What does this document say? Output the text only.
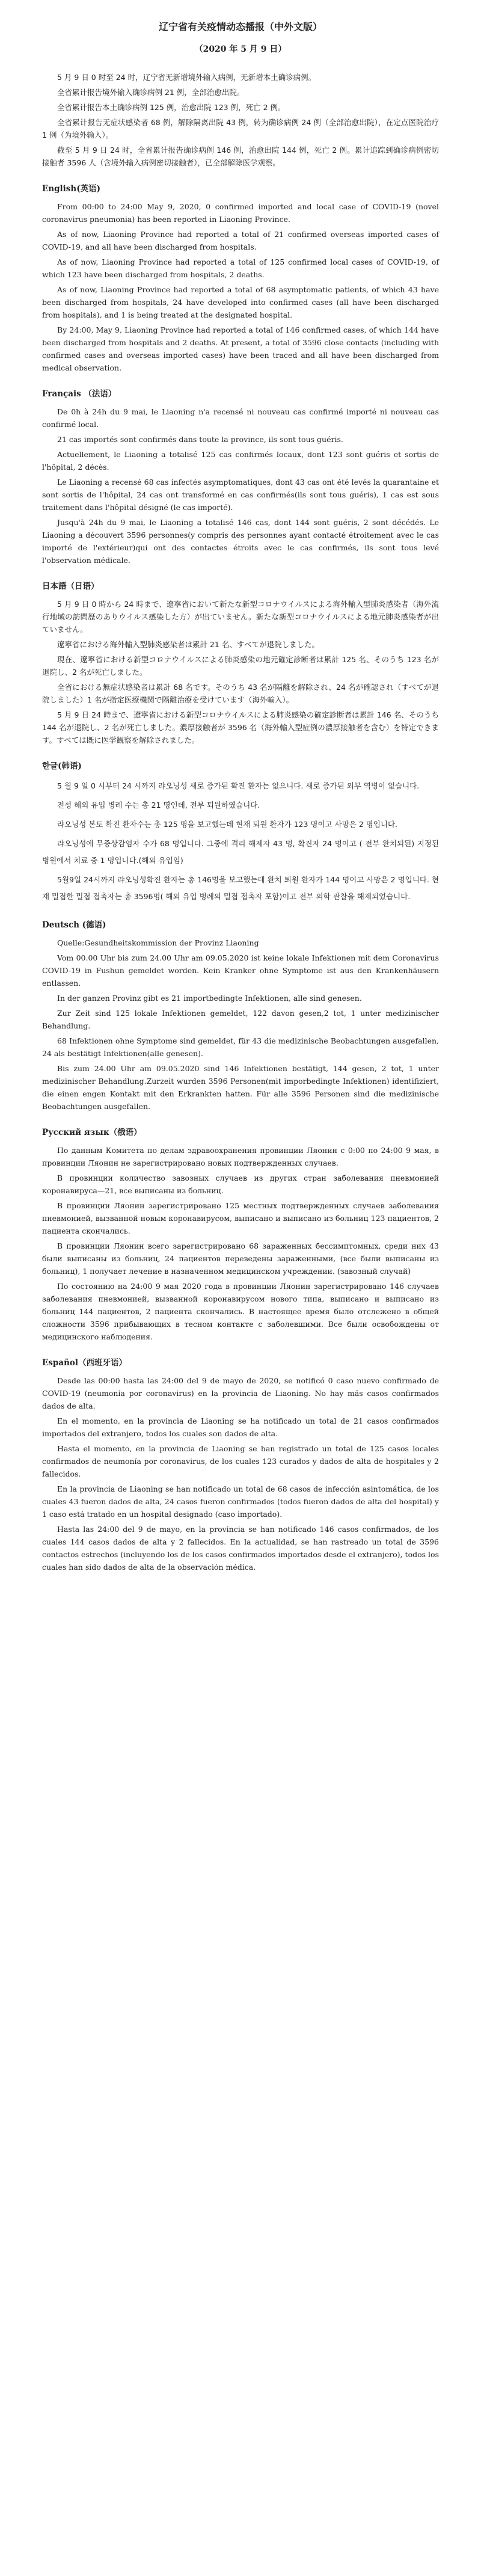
辽宁省有关疫情动态播报（中外文版）
（2020 年 5 月 9 日）

5 月 9 日 0 时至 24 时，辽宁省无新增境外输入病例，无新增本土确诊病例。

全省累计报告境外输入确诊病例 21 例，全部治愈出院。

全省累计报告本土确诊病例 125 例，治愈出院 123 例，死亡 2 例。

全省累计报告无症状感染者 68 例，解除隔离出院 43 例，转为确诊病例 24 例（全部治愈出院），在定点医院治疗 1 例（为境外输入）。

截至 5 月 9 日 24 时，全省累计报告确诊病例 146 例，治愈出院 144 例，死亡 2 例。累计追踪到确诊病例密切接触者 3596 人（含境外输入病例密切接触者），已全部解除医学观察。

English(英语)

From 00:00 to 24:00 May 9, 2020, 0 confirmed imported and local case of COVID-19 (novel coronavirus pneumonia) has been reported in Liaoning Province.

As of now, Liaoning Province had reported a total of 21 confirmed overseas imported cases of COVID-19, and all have been discharged from hospitals.

As of now, Liaoning Province had reported a total of 125 confirmed local cases of COVID-19, of which 123 have been discharged from hospitals, 2 deaths.

As of now, Liaoning Province had reported a total of 68 asymptomatic patients, of which 43 have been discharged from hospitals, 24 have developed into confirmed cases (all have been discharged from hospitals), and 1 is being treated at the designated hospital.

By 24:00, May 9, Liaoning Province had reported a total of 146 confirmed cases, of which 144 have been discharged from hospitals and 2 deaths. At present, a total of 3596 close contacts (including with confirmed cases and overseas imported cases) have been traced and all have been discharged from medical observation.

Français （法语）

De 0h à 24h du 9 mai, le Liaoning n'a recensé ni nouveau cas confirmé importé ni nouveau cas confirmé local.

21 cas importés sont confirmés dans toute la province, ils sont tous guéris.

Actuellement, le Liaoning a totalisé 125 cas confirmés locaux, dont 123 sont guéris et sortis de l'hôpital, 2 décès.

Le Liaoning a recensé 68 cas infectés asymptomatiques, dont 43 cas ont été levés la quarantaine et sont sortis de l'hôpital, 24 cas ont transformé en cas confirmés(ils sont tous guéris), 1 cas est sous traitement dans l'hôpital désigné (le cas importé).

Jusqu'à 24h du 9 mai, le Liaoning a totalisé 146 cas, dont 144 sont guéris, 2 sont décédés. Le Liaoning a découvert 3596 personnes(y compris des personnes ayant contacté étroitement avec le cas importé de l'extérieur)qui ont des contactes étroits avec le cas confirmés, ils sont tous levé l'observation médicale.

日本語（日语）

5 月 9 日 0 時から 24 時まで、遼寧省において新たな新型コロナウイルスによる海外輸入型肺炎感染者（海外流行地域の訪問歴のありウイルス感染した方）が出ていません。新たな新型コロナウイルスによる地元肺炎感染者が出ていません。

遼寧省における海外輸入型肺炎感染者は累計 21 名、すべてが退院しました。

現在、遼寧省における新型コロナウイルスによる肺炎感染の地元確定診断者は累計 125 名、そのうち 123 名が退院し、2 名が死亡しました。

全省における無症状感染者は累計 68 名です。そのうち 43 名が隔離を解除され、24 名が確認され（すべてが退院しました）1 名が指定医療機関で隔離治療を受けています（海外輸入）。

5 月 9 日 24 時まで、遼寧省における新型コロナウイルスによる肺炎感染の確定診断者は累計 146 名、そのうち 144 名が退院し、2 名が死亡しました。濃厚接触者が 3596 名（海外輸入型症例の濃厚接触者を含む）を特定できます。すべては既に医学観察を解除されました。

한글(韩语)

5 월 9 일 0 시부터 24 시까지 랴오닝성 새로 증가된 확진 환자는 없으니다. 새로 증가된 외부 역병이 없습니다.

전성 해외 유입 병례 수는 총 21 명인데, 전부 퇴원하였습니다.

랴오닝성 본토 확진 환자수는 총 125 명을 보고했는데 현재 퇴원 환자가 123 명이고 사망은 2 명입니다.

랴오닝성에 무증상감염자 수가 68 명입니다. 그중에 격리 해제자 43 명, 확진자 24 명이고 ( 전부 완치되된) 지정된 병원에서 치료 중 1 명입니다.(해외 유입임)

5월9일 24시까지 랴오닝성확진 환자는 총 146명을 보고했는데 완치 퇴원 환자가 144 명이고 사망은 2 명입니다. 현재 밀접한 밀접 접촉자는 총 3596명( 해외 유입 병례의 밀접 접촉자 포함)이고 전부 의학 관찰을 해제되었습니다.

Deutsch (德语)

Quelle:Gesundheitskommission der Provinz Liaoning

Vom 00.00 Uhr bis zum 24.00 Uhr am 09.05.2020 ist keine lokale Infektionen mit dem Coronavirus COVID-19 in Fushun gemeldet worden. Kein Kranker ohne Symptome ist aus den Krankenhäusern entlassen.

In der ganzen Provinz gibt es 21 importbedingte Infektionen, alle sind genesen.

Zur Zeit sind 125 lokale Infektionen gemeldet, 122 davon gesen,2 tot, 1 unter medizinischer Behandlung.

68 Infektionen ohne Symptome sind gemeldet, für 43 die medizinische Beobachtungen ausgefallen, 24 als bestätigt Infektionen(alle genesen).

Bis zum 24.00 Uhr am 09.05.2020 sind 146 Infektionen bestätigt, 144 gesen, 2 tot, 1 unter medizinischer Behandlung.Zurzeit wurden 3596 Personen(mit imporbedingte Infektionen) identifiziert, die einen engen Kontakt mit den Erkrankten hatten. Für alle 3596 Personen sind die medizinische Beobachtungen ausgefallen.

Русский язык（俄语）

По данным Комитета по делам здравоохранения провинции Ляонин с 0:00 по 24:00 9 мая, в провинции Ляонин не зарегистрировано новых подтвержденных случаев.

В провинции количество завозных случаев из других стран заболевания пневмонией коронавируса—21, все выписаны из больниц.

В провинции Ляонин зарегистрировано 125 местных подтвержденных случаев заболевания пневмонией, вызванной новым коронавирусом, выписано и выписано из больниц 123 пациентов, 2 пациента скончались.

В провинции Ляонин всего зарегистрировано 68 зараженных бессимптомных, среди них 43 были выписаны из больниц, 24 пациентов переведены зараженными, (все были выписаны из больниц), 1 получает лечение в назначенном медицинском учреждении. (завозный случай)

По состоянию на 24:00 9 мая 2020 года в провинции Ляонин зарегистрировано 146 случаев заболевания пневмонией, вызванной коронавирусом нового типа, выписано и выписано из больниц 144 пациентов, 2 пациента скончались. В настоящее время было отслежено в общей сложности 3596 прибывающих в тесном контакте с заболевшими. Все были освобождены от медицинского наблюдения.

Español（西班牙语）

Desde las 00:00 hasta las 24:00 del 9 de mayo de 2020, se notificó 0 caso nuevo confirmado de COVID-19 (neumonía por coronavirus) en la provincia de Liaoning. No hay más casos confirmados dados de alta.

En el momento, en la provincia de Liaoning se ha notificado un total de 21 casos confirmados importados del extranjero, todos los cuales son dados de alta.

Hasta el momento, en la provincia de Liaoning se han registrado un total de 125 casos locales confirmados de neumonía por coronavirus, de los cuales 123 curados y dados de alta de hospitales y 2 fallecidos.

En la provincia de Liaoning se han notificado un total de 68 casos de infección asintomática, de los cuales 43 fueron dados de alta, 24 casos fueron confirmados (todos fueron dados de alta del hospital) y 1 caso está tratado en un hospital designado (caso importado).

Hasta las 24:00 del 9 de mayo, en la provincia se han notificado 146 casos confirmados, de los cuales 144 casos dados de alta y 2 fallecidos. En la actualidad, se han rastreado un total de 3596 contactos estrechos (incluyendo los de los casos confirmados importados desde el extranjero), todos los cuales han sido dados de alta de la observación médica.
